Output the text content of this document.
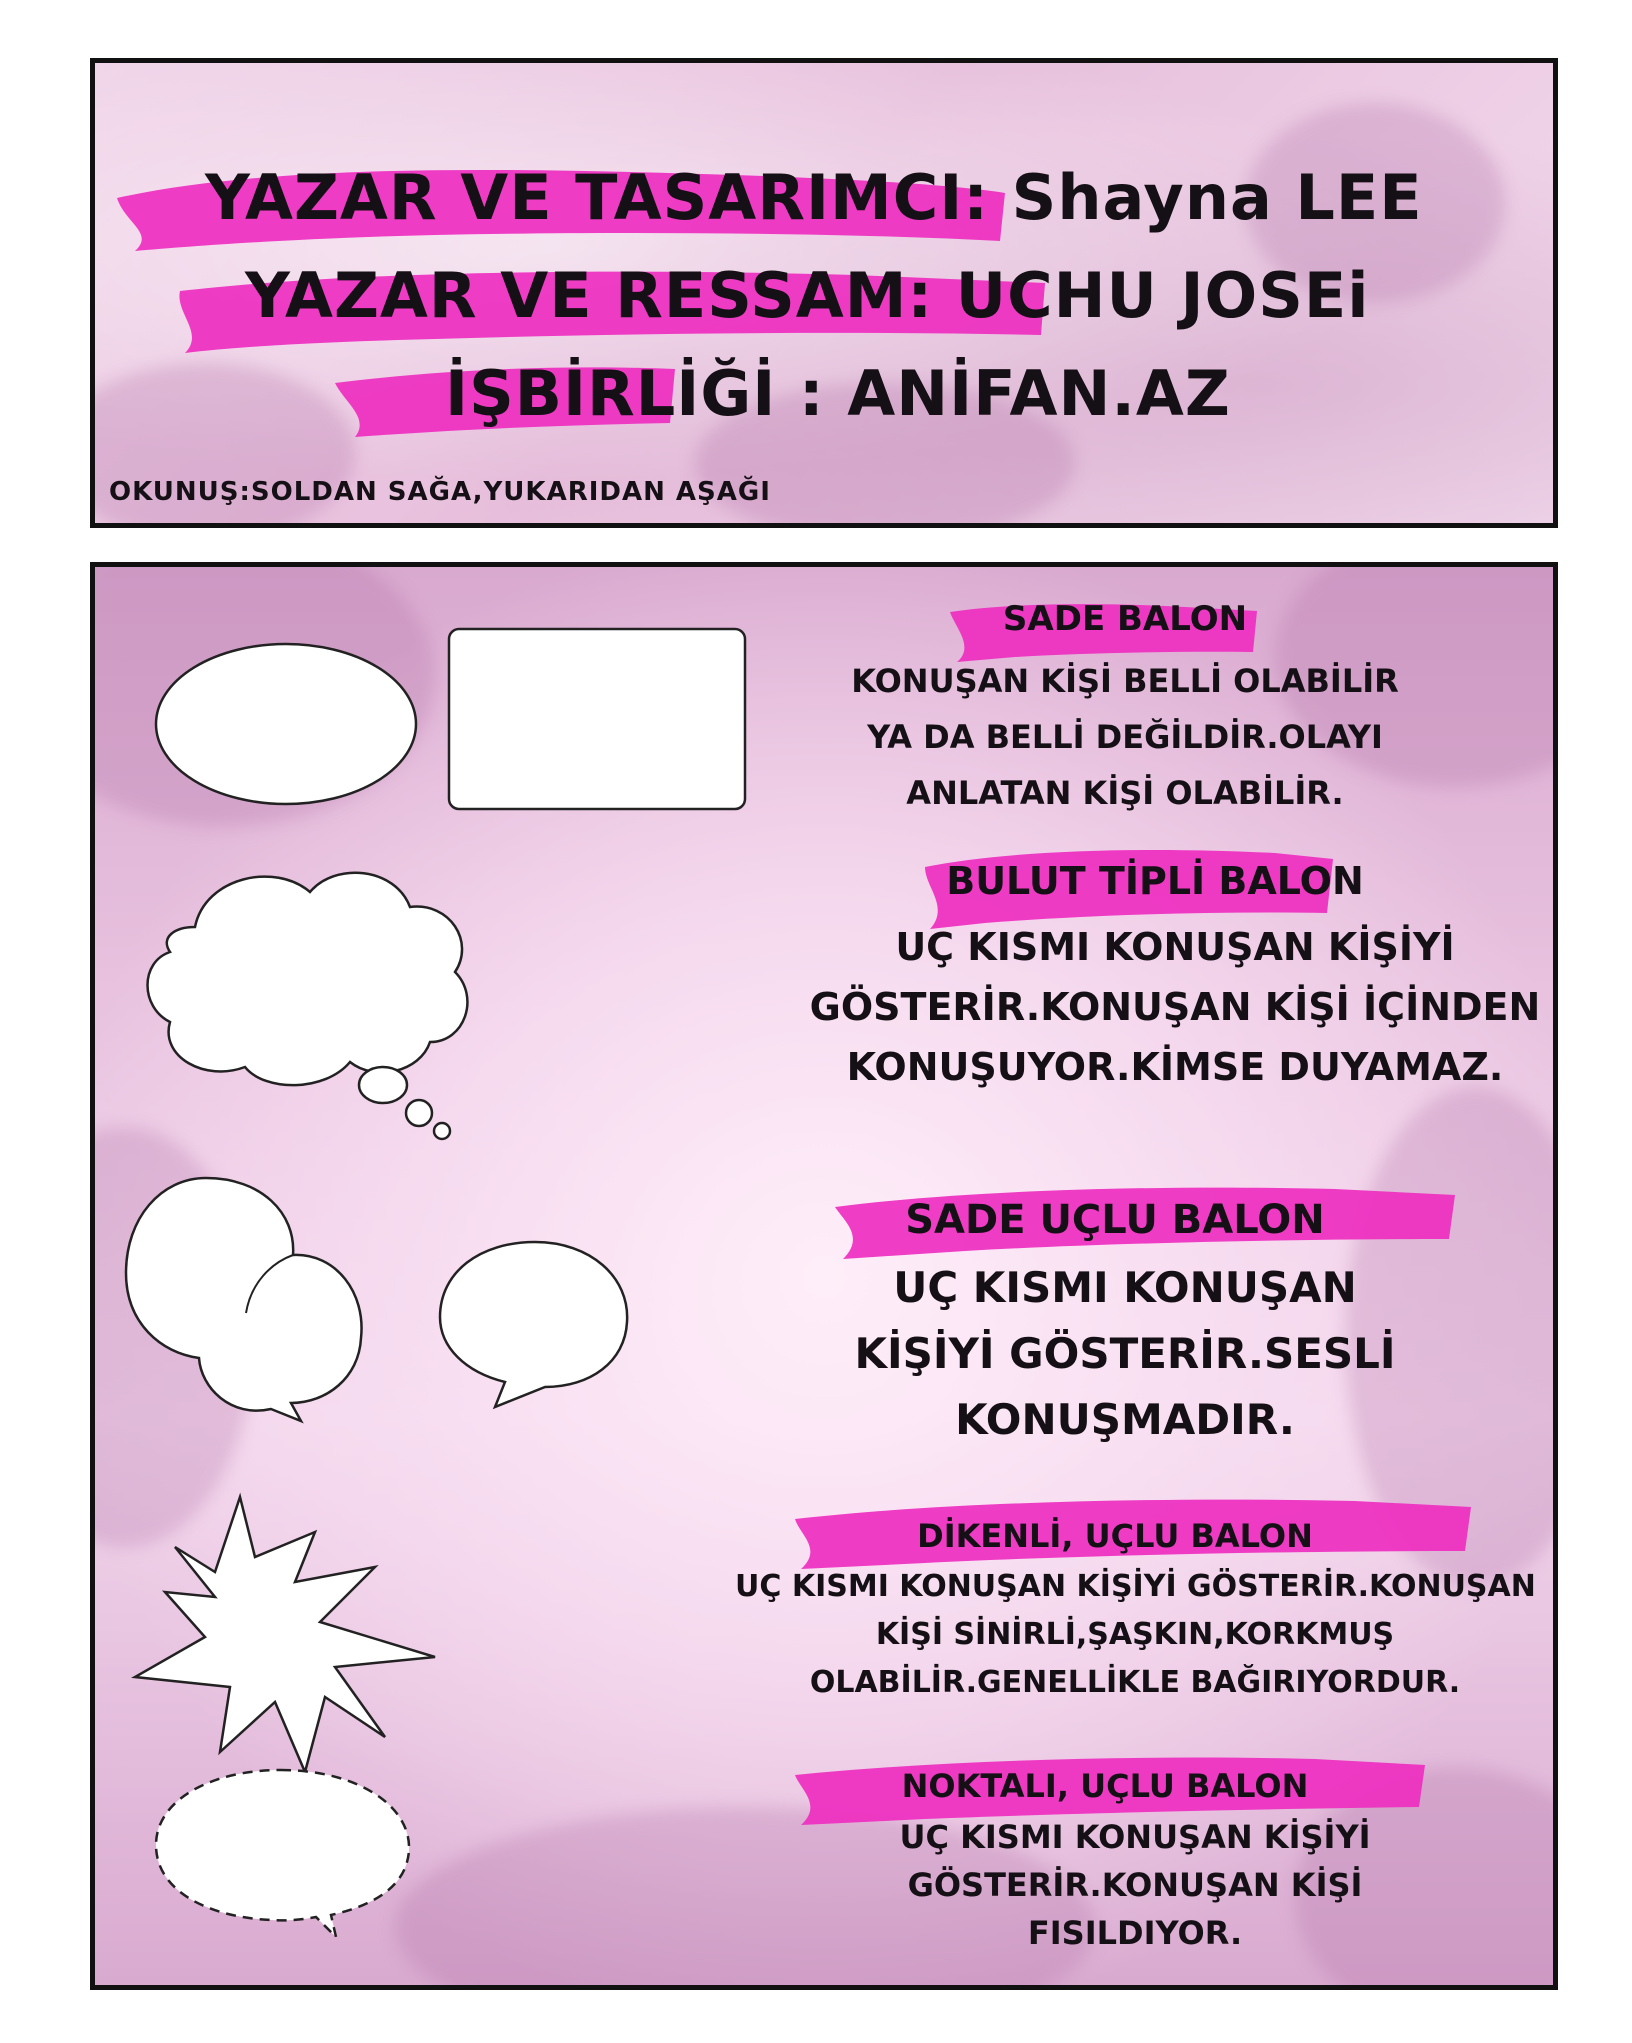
YAZAR VE TASARIMCI: Shayna LEE
YAZAR VE RESSAM: UCHU JOSEi
İŞBİRLİĞİ : ANİFAN.AZ
OKUNUŞ:SOLDAN SAĞA,YUKARIDAN AŞAĞI
SADE BALON
KONUŞAN KİŞİ BELLİ OLABİLİR
YA DA BELLİ DEĞİLDİR.OLAYI
ANLATAN KİŞİ OLABİLİR.
BULUT TİPLİ BALON
UÇ KISMI KONUŞAN KİŞİYİ
GÖSTERİR.KONUŞAN KİŞİ İÇİNDEN
KONUŞUYOR.KİMSE DUYAMAZ.
SADE UÇLU BALON
UÇ KISMI KONUŞAN
KİŞİYİ GÖSTERİR.SESLİ
KONUŞMADIR.
DİKENLİ, UÇLU BALON
UÇ KISMI KONUŞAN KİŞİYİ GÖSTERİR.KONUŞAN
KİŞİ SİNİRLİ,ŞAŞKIN,KORKMUŞ
OLABİLİR.GENELLİKLE BAĞIRIYORDUR.
NOKTALI, UÇLU BALON
UÇ KISMI KONUŞAN KİŞİYİ
GÖSTERİR.KONUŞAN KİŞİ
FISILDIYOR.
